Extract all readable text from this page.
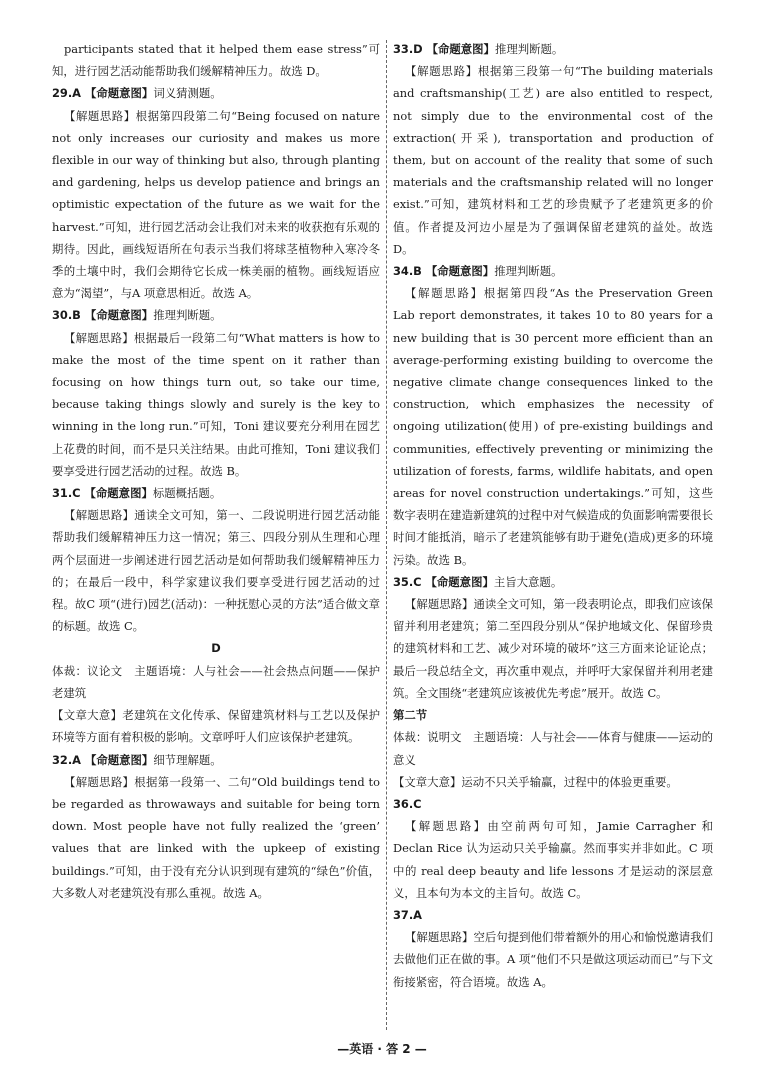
participants stated that it helped them ease stress”可知，进行园艺活动能帮助我们缓解精神压力。故选 D。

29.A 【命题意图】词义猜测题。

【解题思路】根据第四段第二句“Being focused on nature not only increases our curiosity and makes us more flexible in our way of thinking but also, through planting and gardening, helps us develop patience and brings an optimistic expectation of the future as we wait for the harvest.”可知，进行园艺活动会让我们对未来的收获抱有乐观的期待。因此，画线短语所在句表示当我们将球茎植物种入寒冷冬季的土壤中时，我们会期待它长成一株美丽的植物。画线短语应意为“渴望”，与A 项意思相近。故选 A。

30.B 【命题意图】推理判断题。

【解题思路】根据最后一段第二句“What matters is how to make the most of the time spent on it rather than focusing on how things turn out, so take our time, because taking things slowly and surely is the key to winning in the long run.”可知，Toni 建议要充分利用在园艺上花费的时间，而不是只关注结果。由此可推知，Toni 建议我们要享受进行园艺活动的过程。故选 B。

31.C 【命题意图】标题概括题。

【解题思路】通读全文可知，第一、二段说明进行园艺活动能帮助我们缓解精神压力这一情况；第三、四段分别从生理和心理两个层面进一步阐述进行园艺活动是如何帮助我们缓解精神压力的；在最后一段中，科学家建议我们要享受进行园艺活动的过程。故C 项“(进行)园艺(活动)：一种抚慰心灵的方法”适合做文章的标题。故选 C。

D

体裁：议论文　主题语境：人与社会——社会热点问题——保护老建筑

【文章大意】老建筑在文化传承、保留建筑材料与工艺以及保护环境等方面有着积极的影响。文章呼吁人们应该保护老建筑。

32.A 【命题意图】细节理解题。

【解题思路】根据第一段第一、二句“Old buildings tend to be regarded as throwaways and suitable for being torn down. Most people have not fully realized the ‘green’ values that are linked with the upkeep of existing buildings.”可知，由于没有充分认识到现有建筑的“绿色”价值，大多数人对老建筑没有那么重视。故选 A。

33.D 【命题意图】推理判断题。

【解题思路】根据第三段第一句“The building materials and craftsmanship(工艺) are also entitled to respect, not simply due to the environmental cost of the extraction(开采), transportation and production of them, but on account of the reality that some of such materials and the craftsmanship related will no longer exist.”可知，建筑材料和工艺的珍贵赋予了老建筑更多的价值。作者提及河边小屋是为了强调保留老建筑的益处。故选 D。

34.B 【命题意图】推理判断题。

【解题思路】根据第四段“As the Preservation Green Lab report demonstrates, it takes 10 to 80 years for a new building that is 30 percent more efficient than an average-performing existing building to overcome the negative climate change consequences linked to the construction, which emphasizes the necessity of ongoing utilization(使用) of pre-existing buildings and communities, effectively preventing or minimizing the utilization of forests, farms, wildlife habitats, and open areas for novel construction undertakings.”可知，这些数字表明在建造新建筑的过程中对气候造成的负面影响需要很长时间才能抵消，暗示了老建筑能够有助于避免(造成)更多的环境污染。故选 B。

35.C 【命题意图】主旨大意题。

【解题思路】通读全文可知，第一段表明论点，即我们应该保留并利用老建筑；第二至四段分别从“保护地域文化、保留珍贵的建筑材料和工艺、减少对环境的破坏”这三方面来论证论点；最后一段总结全文，再次重申观点，并呼吁大家保留并利用老建筑。全文围绕“老建筑应该被优先考虑”展开。故选 C。

第二节

体裁：说明文　主题语境：人与社会——体育与健康——运动的意义

【文章大意】运动不只关乎输赢，过程中的体验更重要。

36.C

【解题思路】由空前两句可知，Jamie Carragher 和 Declan Rice 认为运动只关乎输赢。然而事实并非如此。C 项中的 real deep beauty and life lessons 才是运动的深层意义，且本句为本文的主旨句。故选 C。

37.A

【解题思路】空后句提到他们带着额外的用心和愉悦邀请我们去做他们正在做的事。A 项“他们不只是做这项运动而已”与下文衔接紧密，符合语境。故选 A。

—英语 · 答 2 —
